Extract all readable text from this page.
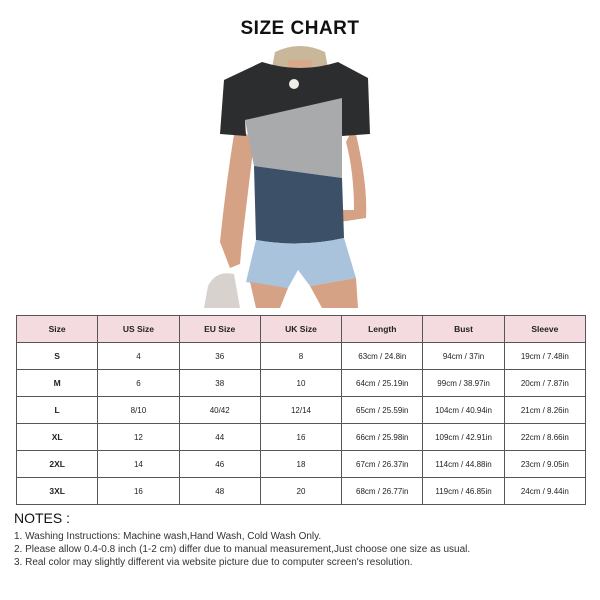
SIZE CHART
Size	US Size	EU Size	UK Size	Length	Bust	Sleeve
S	4	36	8	63cm / 24.8in	94cm / 37in	19cm / 7.48in
M	6	38	10	64cm / 25.19in	99cm / 38.97in	20cm / 7.87in
L	8/10	40/42	12/14	65cm / 25.59in	104cm / 40.94in	21cm / 8.26in
XL	12	44	16	66cm / 25.98in	109cm / 42.91in	22cm / 8.66in
2XL	14	46	18	67cm / 26.37in	114cm / 44.88in	23cm / 9.05in
3XL	16	48	20	68cm / 26.77in	119cm / 46.85in	24cm / 9.44in
NOTES :
1. Washing Instructions: Machine wash,Hand Wash, Cold Wash Only.
2. Please allow 0.4-0.8 inch (1-2 cm) differ due to manual measurement,Just choose one size as usual.
3. Real color may slightly different via website picture due to computer screen's resolution.
